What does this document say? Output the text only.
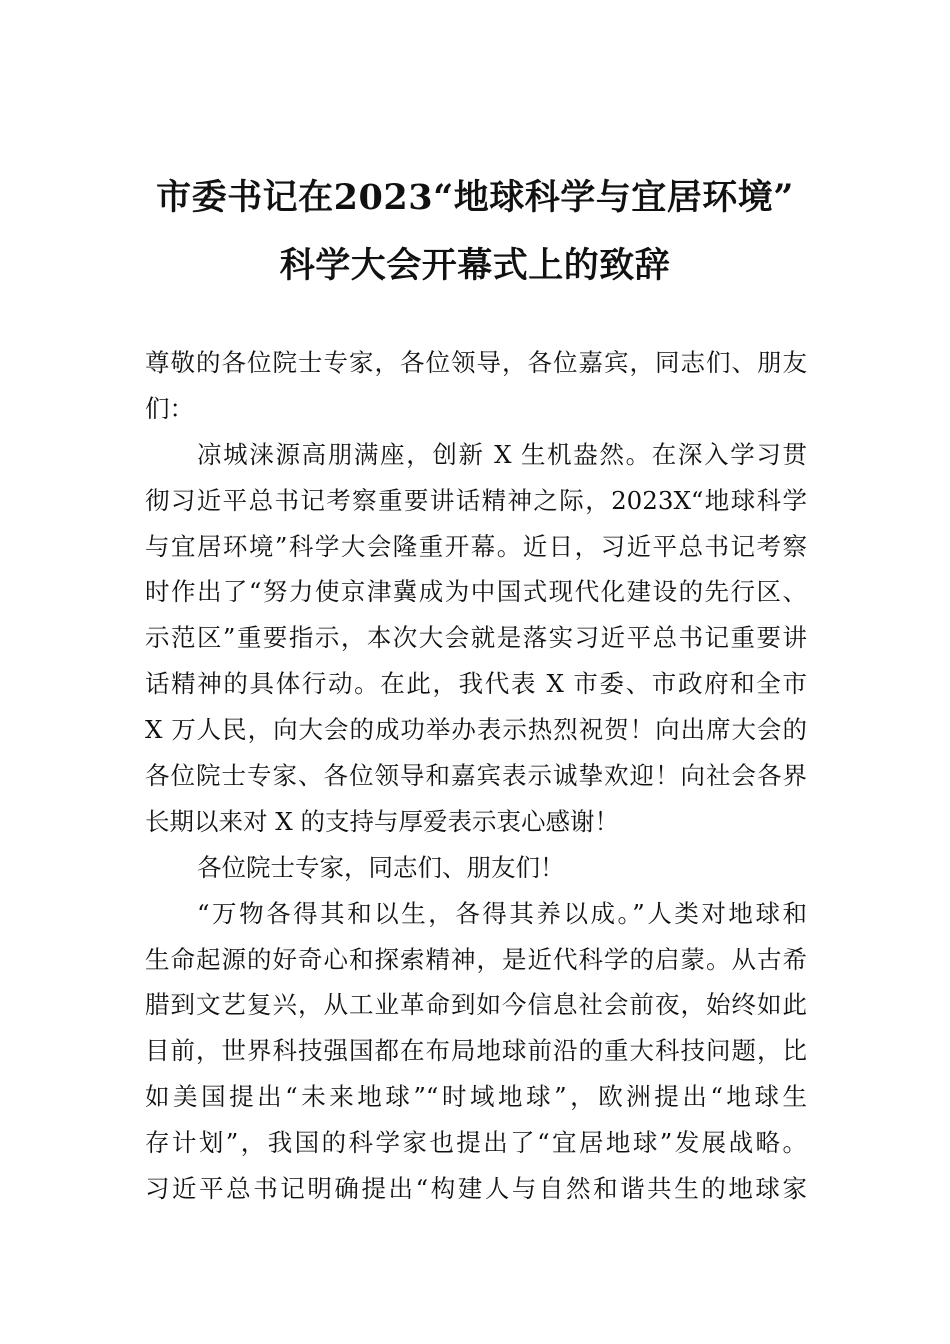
市委书记在2023“地球科学与宜居环境”
科学大会开幕式上的致辞
尊敬的各位院士专家，各位领导，各位嘉宾，同志们、朋友
们：
凉城涞源高朋满座，创新 X 生机盎然。在深入学习贯
彻习近平总书记考察重要讲话精神之际，2023X“地球科学
与宜居环境”科学大会隆重开幕。近日，习近平总书记考察
时作出了“努力使京津冀成为中国式现代化建设的先行区、
示范区”重要指示，本次大会就是落实习近平总书记重要讲
话精神的具体行动。在此，我代表 X 市委、市政府和全市
X 万人民，向大会的成功举办表示热烈祝贺！向出席大会的
各位院士专家、各位领导和嘉宾表示诚挚欢迎！向社会各界
长期以来对 X 的支持与厚爱表示衷心感谢！
各位院士专家，同志们、朋友们！
“万物各得其和以生，各得其养以成。”人类对地球和
生命起源的好奇心和探索精神，是近代科学的启蒙。从古希
腊到文艺复兴，从工业革命到如今信息社会前夜，始终如此
目前，世界科技强国都在布局地球前沿的重大科技问题，比
如美国提出“未来地球”“时域地球”，欧洲提出“地球生
存计划”，我国的科学家也提出了“宜居地球”发展战略。
习近平总书记明确提出“构建人与自然和谐共生的地球家
